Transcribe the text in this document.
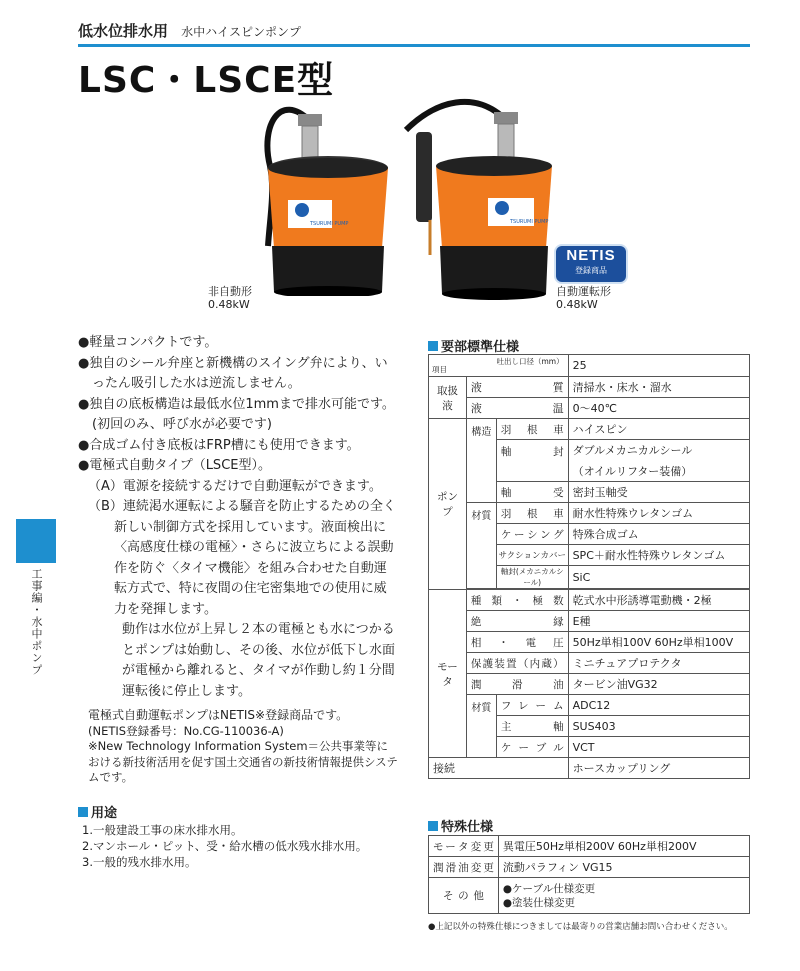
低水位排水用 水中ハイスピンポンプ
LSC・LSCE型
工事編・水中ポンプ
TSURUMI PUMP
非自動形
0.48kW
TSURUMI PUMP
自動運転形
0.48kW
NETIS
登録商品
●軽量コンパクトです。
●独自のシール弁座と新機構のスイング弁により、いったん吸引した水は逆流しません。
●独自の底板構造は最低水位1mmまで排水可能です。(初回のみ、呼び水が必要です)
●合成ゴム付き底板はFRP槽にも使用できます。
●電極式自動タイプ（LSCE型）。
（A）電源を接続するだけで自動運転ができます。
（B）連続渇水運転による騒音を防止するための全く新しい制御方式を採用しています。液面検出に〈高感度仕様の電極〉・さらに波立ちによる誤動作を防ぐ〈タイマ機能〉を組み合わせた自動運転方式で、特に夜間の住宅密集地での使用に威力を発揮します。
動作は水位が上昇し２本の電極とも水につかるとポンプは始動し、その後、水位が低下し水面が電極から離れると、タイマが作動し約１分間運転後に停止します。
電極式自動運転ポンプはNETIS※登録商品です。
(NETIS登録番号：No.CG-110036-A)
※New Technology Information System＝公共事業等における新技術活用を促す国土交通省の新技術情報提供システムです。
用途
1.一般建設工事の床水排水用。
2.マンホール・ピット、受・給水槽の低水残水排水用。
3.一般的残水排水用。
要部標準仕様
吐出し口径（mm）
項目			25
取扱液	液 質		清掃水・床水・溜水
	液 温		0～40℃
ポンプ	構造	羽根車	ハイスピン
		軸封	ダブルメカニカルシール
			（オイルリフター装備）
		軸受	密封玉軸受
	材質	羽根車	耐水性特殊ウレタンゴム
		ケーシング	特殊合成ゴム
		サクションカバー	SPC＋耐水性特殊ウレタンゴム
		軸封(メカニカルシール)	SiC

モータ	種類・極数		乾式水中形誘導電動機・2極
	絶縁		E種
	相・電圧		50Hz単相100V 60Hz単相100V
	保護装置（内蔵）		ミニチュアプロテクタ
	潤滑油		タービン油VG32
	材質	フレーム	ADC12
		主軸	SUS403
		ケーブル	VCT
接続			ホースカップリング
特殊仕様
モータ変更	異電圧50Hz単相200V 60Hz単相200V
潤滑油変更	流動パラフィン VG15
その他	●ケーブル仕様変更
●塗装仕様変更
●上記以外の特殊仕様につきましては最寄りの営業店舗お問い合わせください。
